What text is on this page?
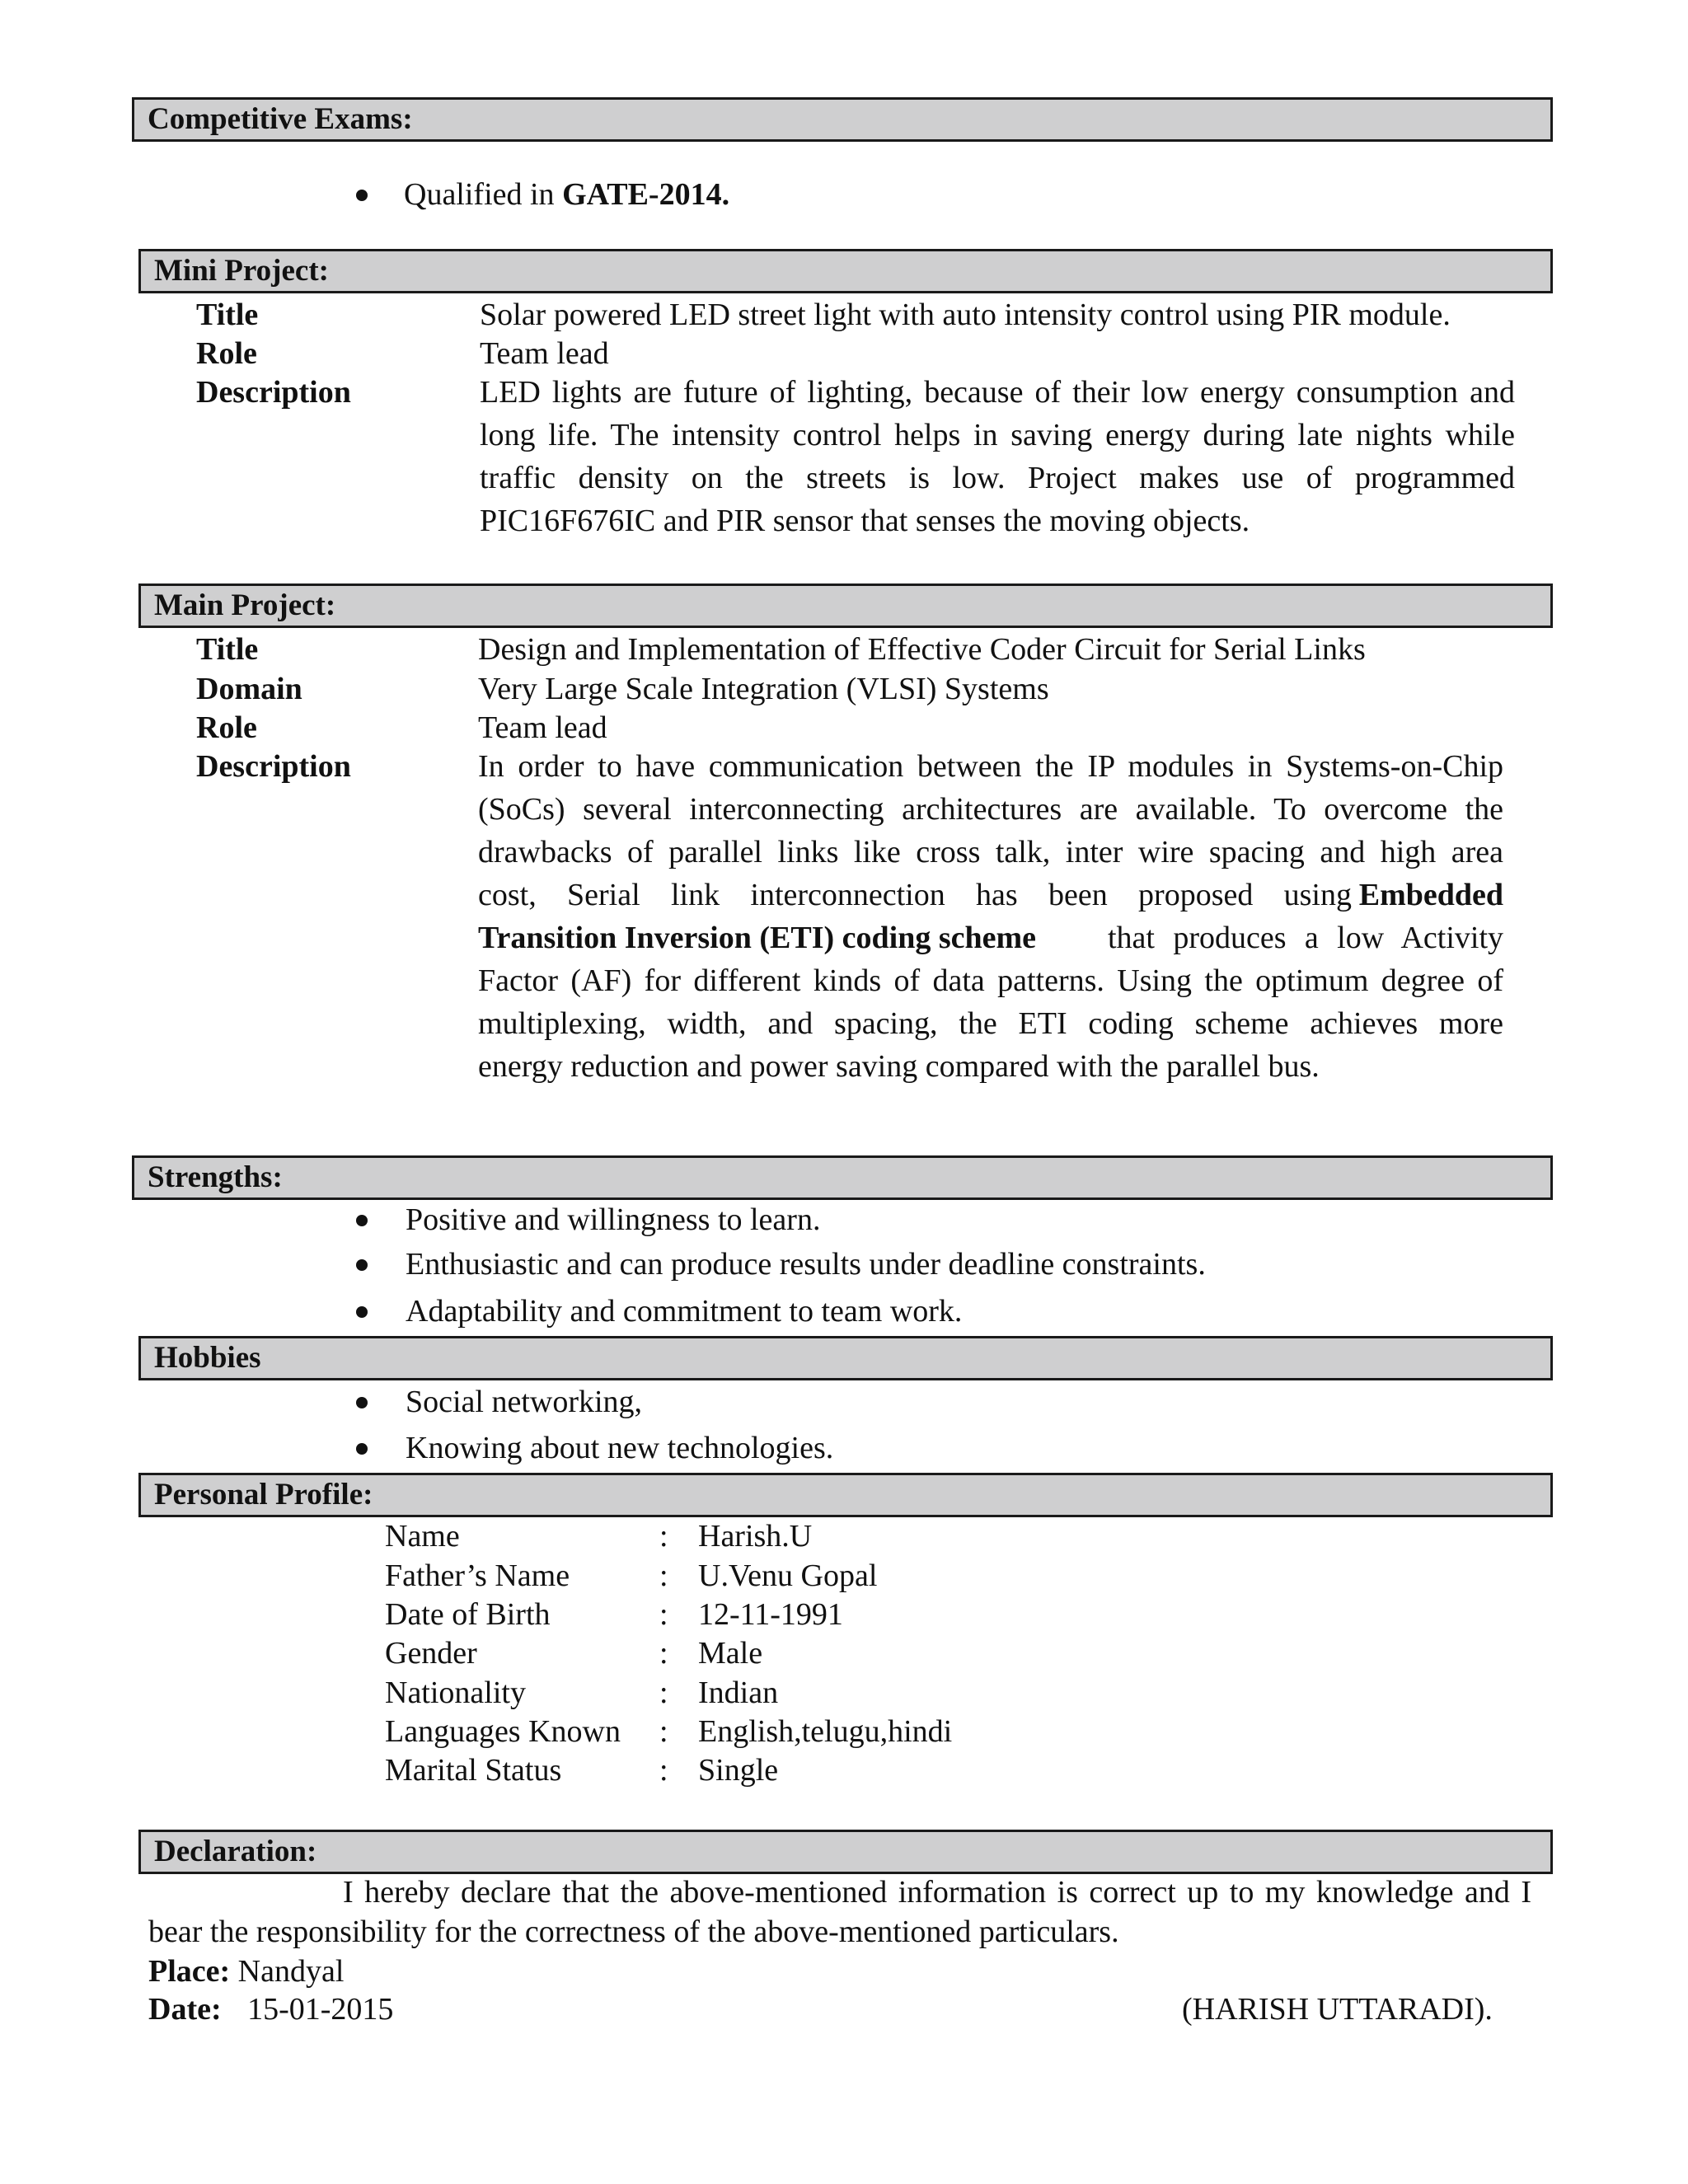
Competitive Exams:
Qualified in GATE-2014.
Mini Project:
Title	Solar powered LED street light with auto intensity control using PIR module.
Role	Team lead
Description	LED lights are future of lighting, because of their low energy consumption and
long life. The intensity control helps in saving energy during late nights while
traffic density on the streets is low. Project makes use of programmed
PIC16F676IC and PIR sensor that senses the moving objects.
Main Project:
Title	Design and Implementation of Effective Coder Circuit for Serial Links
Domain	Very Large Scale Integration (VLSI) Systems
Role	Team lead
Description	In order to have communication between the IP modules in Systems-on-Chip
(SoCs) several interconnecting architectures are available. To overcome the
drawbacks of parallel links like cross talk, inter wire spacing and high area
cost, Serial link interconnection has been proposed using Embedded
Transition Inversion (ETI) coding scheme that produces a low Activity
Factor (AF) for different kinds of data patterns. Using the optimum degree of
multiplexing, width, and spacing, the ETI coding scheme achieves more
energy reduction and power saving compared with the parallel bus.
Strengths:
Positive and willingness to learn.
Enthusiastic and can produce results under deadline constraints.
Adaptability and commitment to team work.
Hobbies
Social networking,
Knowing about new technologies.
Personal Profile:
Name	: Harish.U
Father’s Name	: U.Venu Gopal
Date of Birth	: 12-11-1991
Gender	: Male
Nationality	: Indian
Languages Known : English,telugu,hindi
Marital Status	: Single
Declaration:
I hereby declare that the above-mentioned information is correct up to my knowledge and I
bear the responsibility for the correctness of the above-mentioned particulars.
Place: Nandyal
Date: 15-01-2015	(HARISH UTTARADI).
